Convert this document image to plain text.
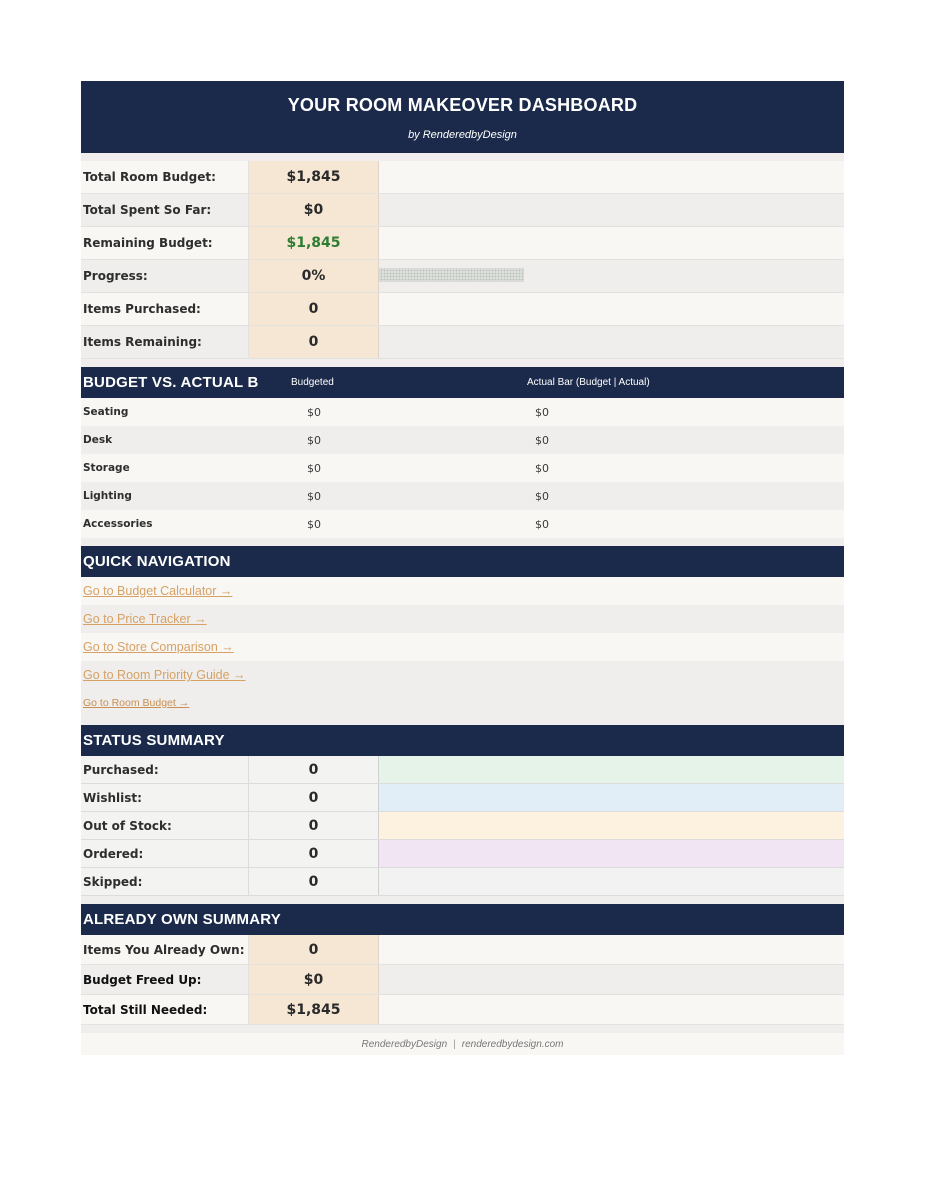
YOUR ROOM MAKEOVER DASHBOARD
by RenderedbyDesign
Total Room Budget:	$1,845
Total Spent So Far:	$0
Remaining Budget:	$1,845
Progress:	0%
Items Purchased:	0
Items Remaining:	0
BUDGET VS. ACTUAL B	Budgeted	Actual Bar (Budget | Actual)
Seating	$0	$0
Desk	$0	$0
Storage	$0	$0
Lighting	$0	$0
Accessories	$0	$0
QUICK NAVIGATION
Go to Budget Calculator →
Go to Price Tracker →
Go to Store Comparison →
Go to Room Priority Guide →
Go to Room Budget →
STATUS SUMMARY
Purchased:	0
Wishlist:	0
Out of Stock:	0
Ordered:	0
Skipped:	0
ALREADY OWN SUMMARY
Items You Already Own:	0
Budget Freed Up:	$0
Total Still Needed:	$1,845
RenderedbyDesign | renderedbydesign.com
